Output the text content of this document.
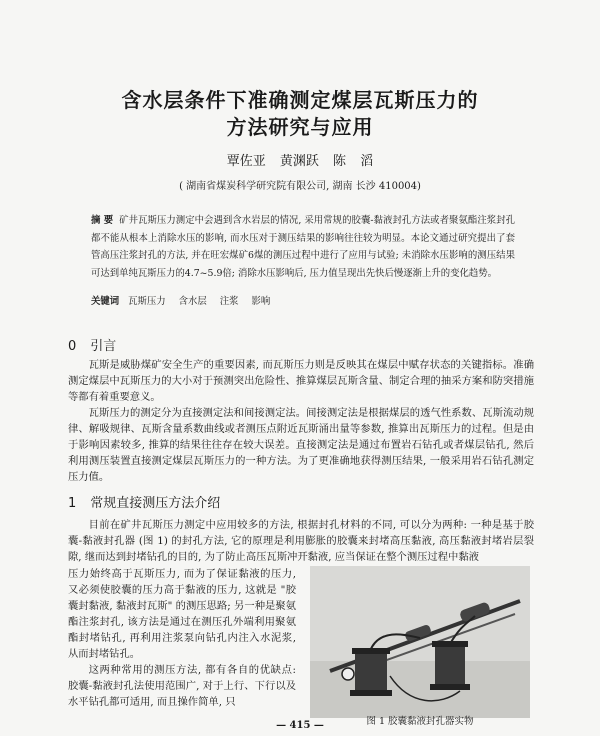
含水层条件下准确测定煤层瓦斯压力的
方法研究与应用
覃佐亚 黄渊跃 陈 滔
( 湖南省煤炭科学研究院有限公司, 湖南 长沙 410004)
摘 要 矿井瓦斯压力测定中会遇到含水岩层的情况, 采用常规的胶囊-黏液封孔方法或者聚氨酯注浆封孔都不能从根本上消除水压的影响, 而水压对于测压结果的影响往往较为明显。本论文通过研究提出了套管高压注浆封孔的方法, 并在旺宏煤矿6煤的测压过程中进行了应用与试验; 未消除水压影响的测压结果可达到单纯瓦斯压力的4.7~5.9倍; 消除水压影响后, 压力值呈现出先快后慢逐渐上升的变化趋势。
关键词 瓦斯压力 含水层 注浆 影响
0 引言
瓦斯是威胁煤矿安全生产的重要因素, 而瓦斯压力则是反映其在煤层中赋存状态的关键指标。准确测定煤层中瓦斯压力的大小对于预测突出危险性、推算煤层瓦斯含量、制定合理的抽采方案和防突措施等都有着重要意义。
瓦斯压力的测定分为直接测定法和间接测定法。间接测定法是根据煤层的透气性系数、瓦斯流动规律、解吸规律、瓦斯含量系数曲线或者测压点附近瓦斯涌出量等参数, 推算出瓦斯压力的过程。但是由于影响因素较多, 推算的结果往往存在较大误差。直接测定法是通过布置岩石钻孔或者煤层钻孔, 然后利用测压装置直接测定煤层瓦斯压力的一种方法。为了更准确地获得测压结果, 一般采用岩石钻孔测定压力值。
1 常规直接测压方法介绍
目前在矿井瓦斯压力测定中应用较多的方法, 根据封孔材料的不同, 可以分为两种: 一种是基于胶囊-黏液封孔器 (图 1) 的封孔方法, 它的原理是利用膨胀的胶囊来封堵高压黏液, 高压黏液封堵岩层裂隙, 继而达到封堵钻孔的目的, 为了防止高压瓦斯冲开黏液, 应当保证在整个测压过程中黏液
压力始终高于瓦斯压力, 而为了保证黏液的压力, 又必须使胶囊的压力高于黏液的压力, 这就是 "胶囊封黏液, 黏液封瓦斯" 的测压思路; 另一种是聚氨酯注浆封孔, 该方法是通过在测压孔外端利用聚氨酯封堵钻孔, 再利用注浆泵向钻孔内注入水泥浆, 从而封堵钻孔。
这两种常用的测压方法, 都有各自的优缺点: 胶囊-黏液封孔法使用范围广, 对于上行、下行以及水平钻孔都可适用, 而且操作简单, 只
图 1 胶囊黏液封孔器实物
— 415 —
